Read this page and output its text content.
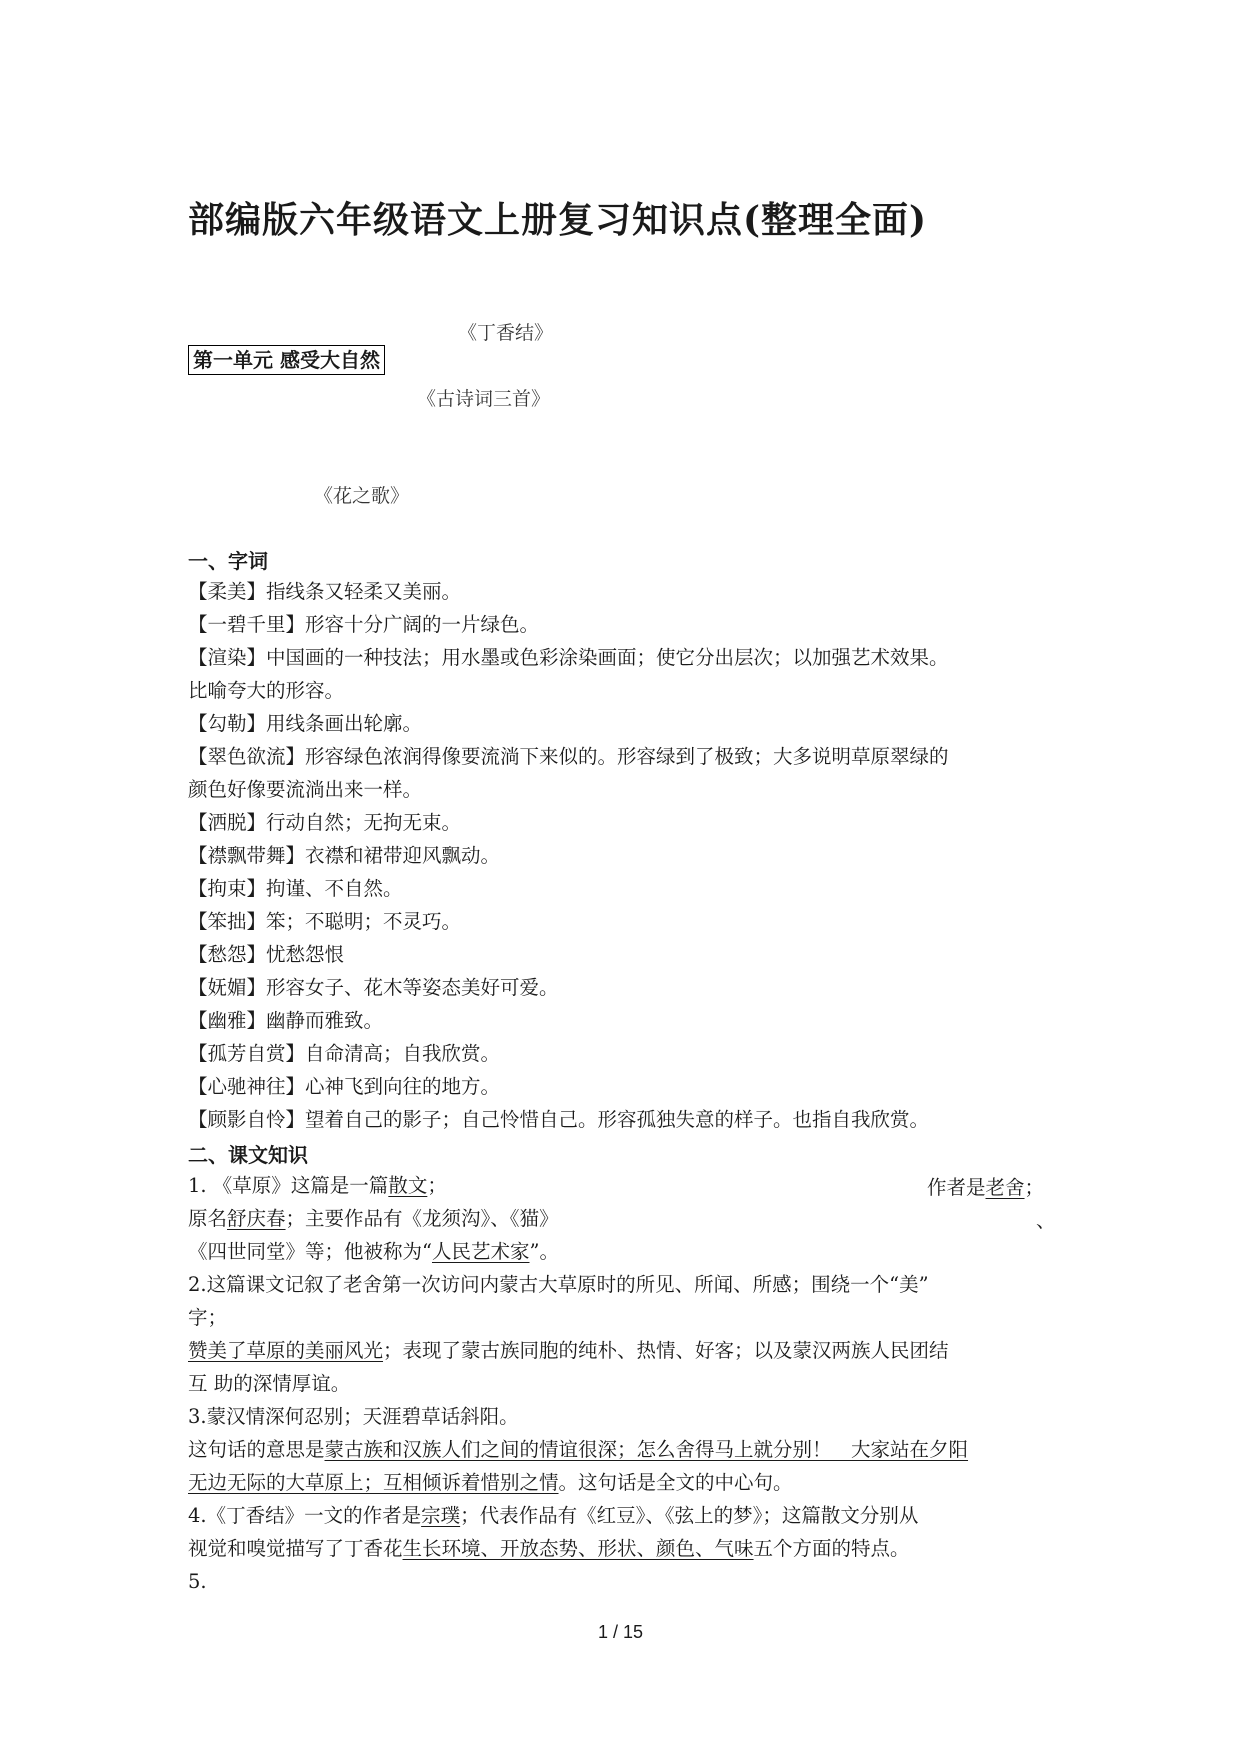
部编版六年级语文上册复习知识点(整理全面)
《丁香结》
第一单元 感受大自然
《古诗词三首》
《花之歌》
一、字词
【柔美】指线条又轻柔又美丽。
【一碧千里】形容十分广阔的一片绿色。
【渲染】中国画的一种技法；用水墨或色彩涂染画面；使它分出层次；以加强艺术效果。
比喻夸大的形容。
【勾勒】用线条画出轮廓。
【翠色欲流】形容绿色浓润得像要流淌下来似的。形容绿到了极致；大多说明草原翠绿的
颜色好像要流淌出来一样。
【洒脱】行动自然；无拘无束。
【襟飘带舞】衣襟和裙带迎风飘动。
【拘束】拘谨、不自然。
【笨拙】笨；不聪明；不灵巧。
【愁怨】忧愁怨恨
【妩媚】形容女子、花木等姿态美好可爱。
【幽雅】幽静而雅致。
【孤芳自赏】自命清高；自我欣赏。
【心驰神往】心神飞到向往的地方。
【顾影自怜】望着自己的影子；自己怜惜自己。形容孤独失意的样子。也指自我欣赏。
二、课文知识
1. 《草原》这篇是一篇散文；	作者是老舍；
原名舒庆春；主要作品有《龙须沟》、《猫》	、
《四世同堂》等；他被称为“人民艺术家”。
2.这篇课文记叙了老舍第一次访问内蒙古大草原时的所见、所闻、所感；围绕一个“美”
字；
赞美了草原的美丽风光；表现了蒙古族同胞的纯朴、热情、好客；以及蒙汉两族人民团结
互 助的深情厚谊。
3.蒙汉情深何忍别；天涯碧草话斜阳。
这句话的意思是蒙古族和汉族人们之间的情谊很深；怎么舍得马上就分别！　大家站在夕阳
无边无际的大草原上；互相倾诉着惜别之情。这句话是全文的中心句。
4.《丁香结》一文的作者是宗璞；代表作品有《红豆》、《弦上的梦》；这篇散文分别从
视觉和嗅觉描写了丁香花生长环境、开放态势、形状、颜色、气味五个方面的特点。
5.
1 / 15
